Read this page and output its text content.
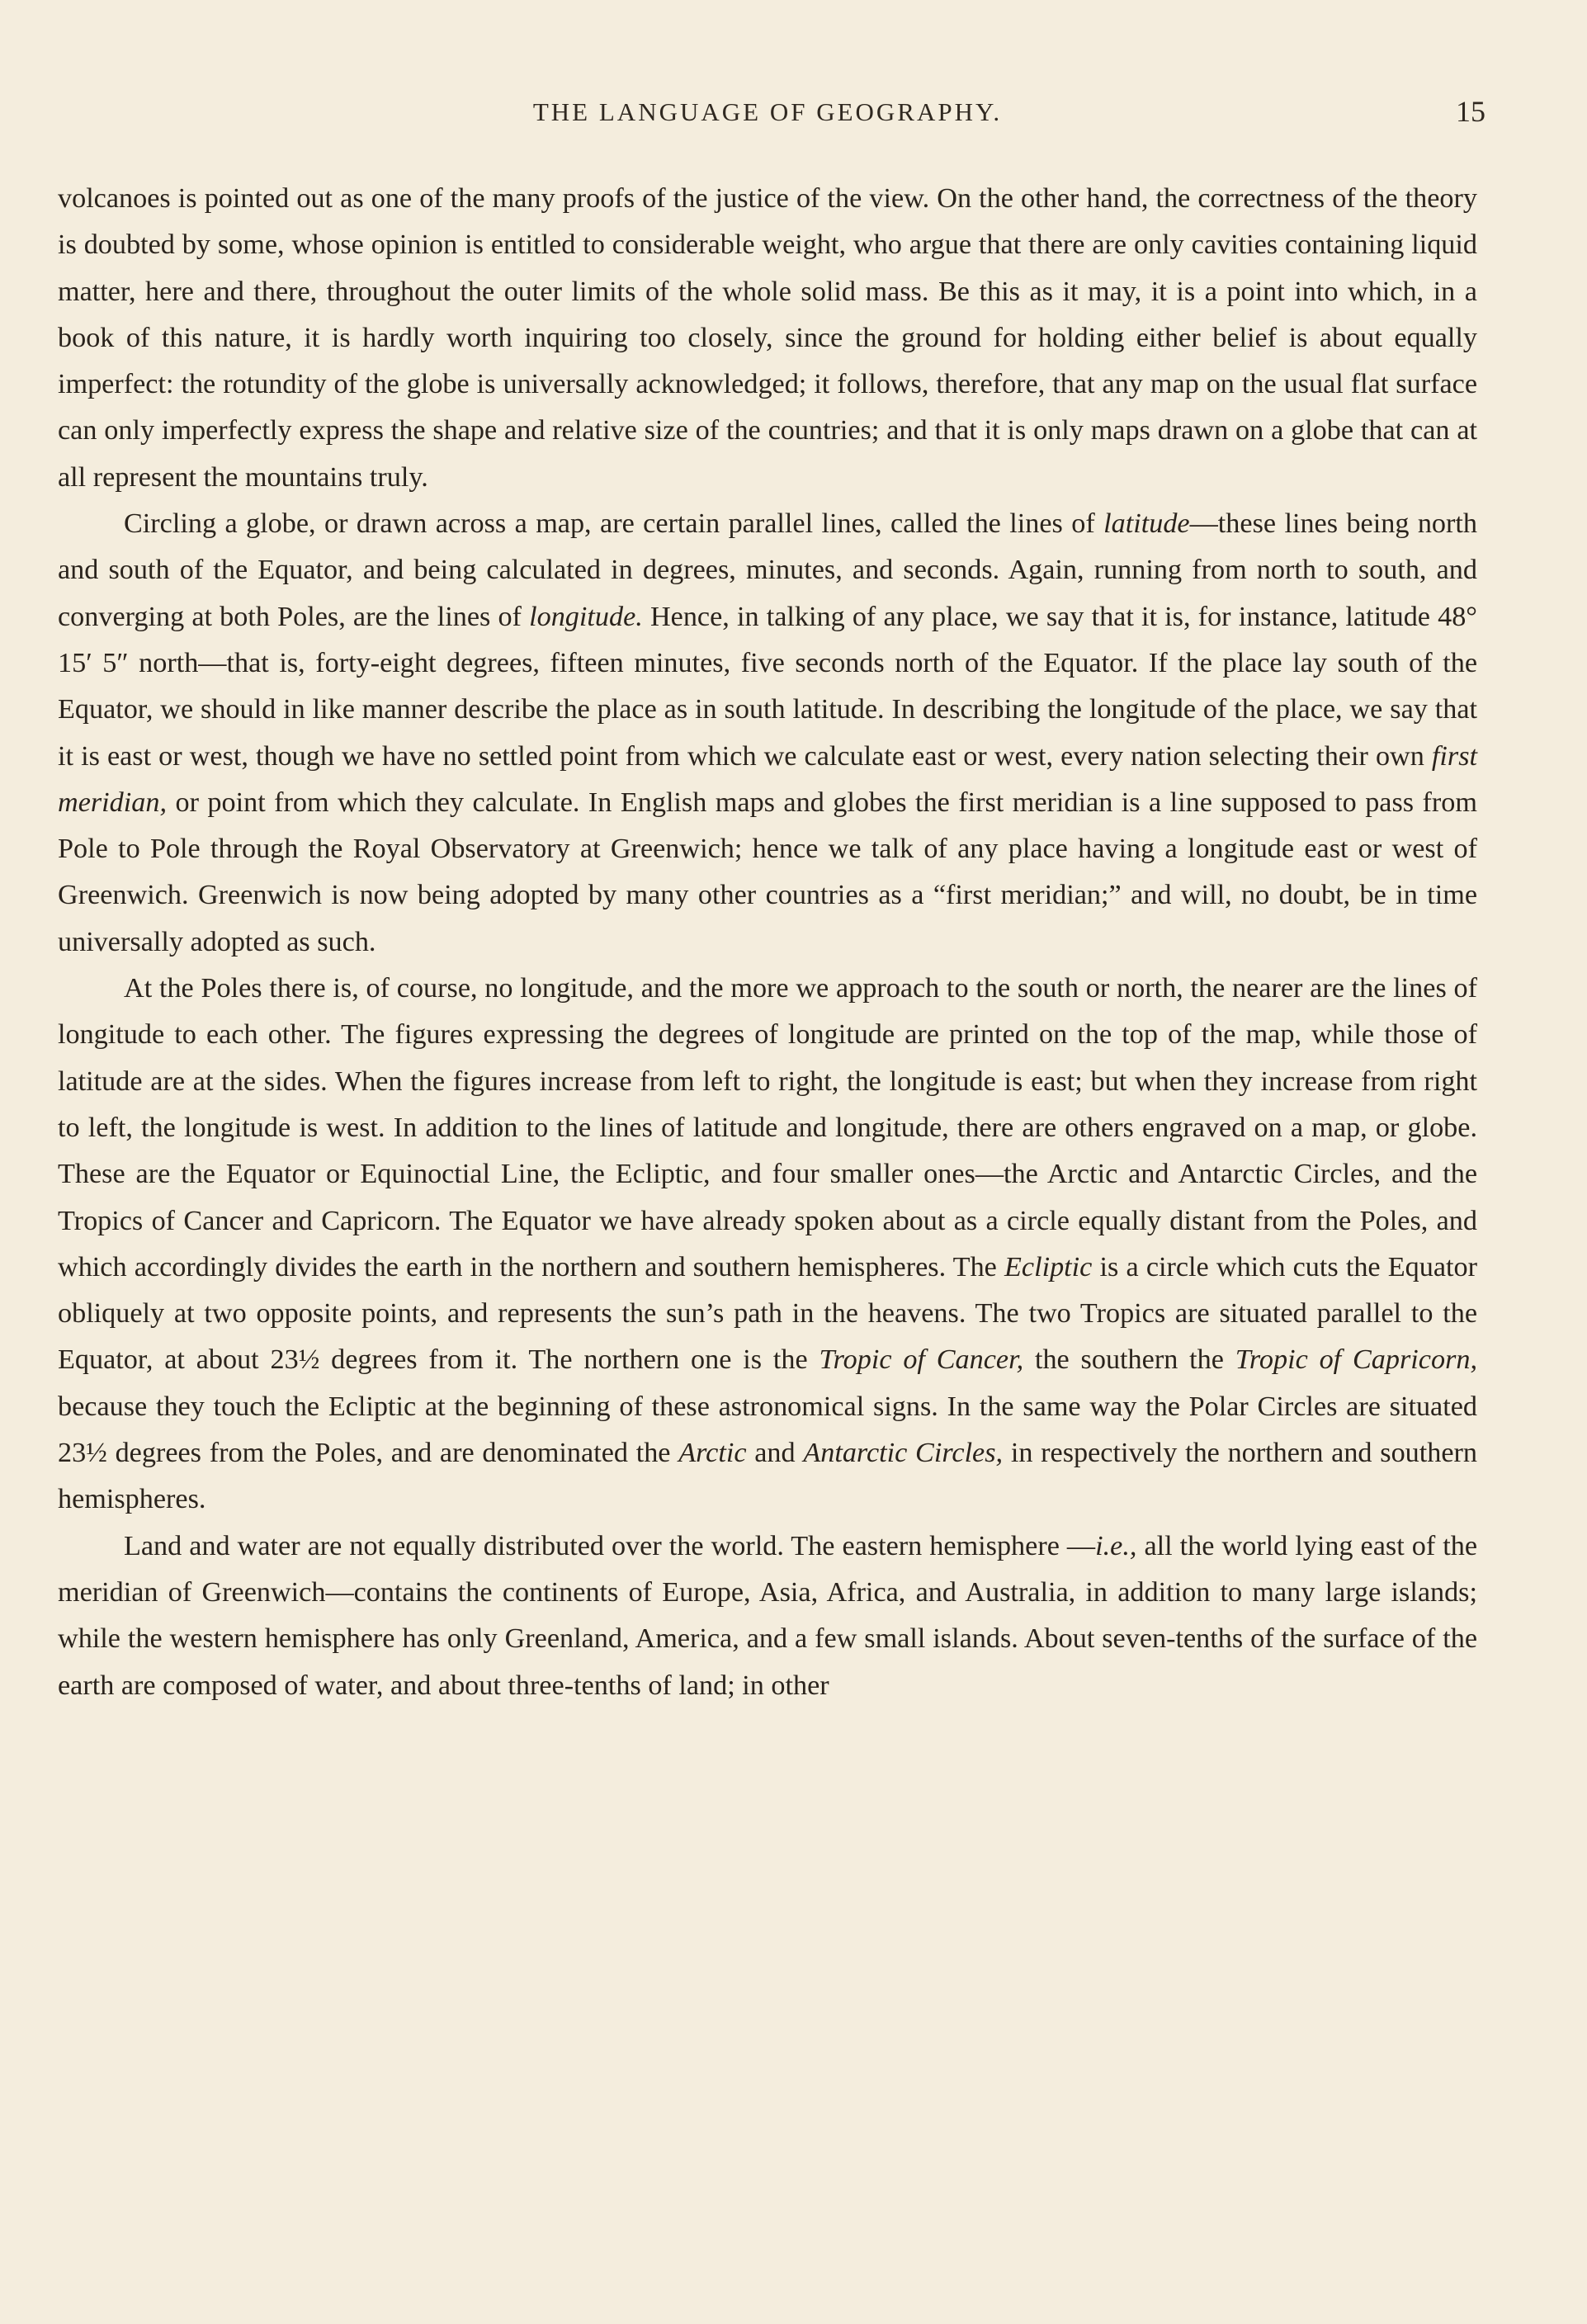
THE LANGUAGE OF GEOGRAPHY.	15

volcanoes is pointed out as one of the many proofs of the justice of the view. On the other hand, the correctness of the theory is doubted by some, whose opinion is entitled to considerable weight, who argue that there are only cavities containing liquid matter, here and there, throughout the outer limits of the whole solid mass. Be this as it may, it is a point into which, in a book of this nature, it is hardly worth inquiring too closely, since the ground for holding either belief is about equally imperfect: the rotundity of the globe is universally acknowledged; it follows, therefore, that any map on the usual flat surface can only imperfectly express the shape and relative size of the countries; and that it is only maps drawn on a globe that can at all represent the mountains truly.

Circling a globe, or drawn across a map, are certain parallel lines, called the lines of latitude—these lines being north and south of the Equator, and being calculated in degrees, minutes, and seconds. Again, running from north to south, and converging at both Poles, are the lines of longitude. Hence, in talking of any place, we say that it is, for instance, latitude 48° 15′ 5″ north—that is, forty-eight degrees, fifteen minutes, five seconds north of the Equator. If the place lay south of the Equator, we should in like manner describe the place as in south latitude. In describing the longitude of the place, we say that it is east or west, though we have no settled point from which we calculate east or west, every nation selecting their own first meridian, or point from which they calculate. In English maps and globes the first meridian is a line supposed to pass from Pole to Pole through the Royal Observatory at Greenwich; hence we talk of any place having a longitude east or west of Greenwich. Greenwich is now being adopted by many other countries as a “first meridian;” and will, no doubt, be in time universally adopted as such.

At the Poles there is, of course, no longitude, and the more we approach to the south or north, the nearer are the lines of longitude to each other. The figures expressing the degrees of longitude are printed on the top of the map, while those of latitude are at the sides. When the figures increase from left to right, the longitude is east; but when they increase from right to left, the longitude is west. In addition to the lines of latitude and longitude, there are others engraved on a map, or globe. These are the Equator or Equinoctial Line, the Ecliptic, and four smaller ones—the Arctic and Antarctic Circles, and the Tropics of Cancer and Capricorn. The Equator we have already spoken about as a circle equally distant from the Poles, and which accordingly divides the earth in the northern and southern hemispheres. The Ecliptic is a circle which cuts the Equator obliquely at two opposite points, and represents the sun’s path in the heavens. The two Tropics are situated parallel to the Equator, at about 23½ degrees from it. The northern one is the Tropic of Cancer, the southern the Tropic of Capricorn, because they touch the Ecliptic at the beginning of these astronomical signs. In the same way the Polar Circles are situated 23½ degrees from the Poles, and are denominated the Arctic and Antarctic Circles, in respectively the northern and southern hemispheres.

Land and water are not equally distributed over the world. The eastern hemisphere —i.e., all the world lying east of the meridian of Greenwich—contains the continents of Europe, Asia, Africa, and Australia, in addition to many large islands; while the western hemisphere has only Greenland, America, and a few small islands. About seven-tenths of the surface of the earth are composed of water, and about three-tenths of land; in other
